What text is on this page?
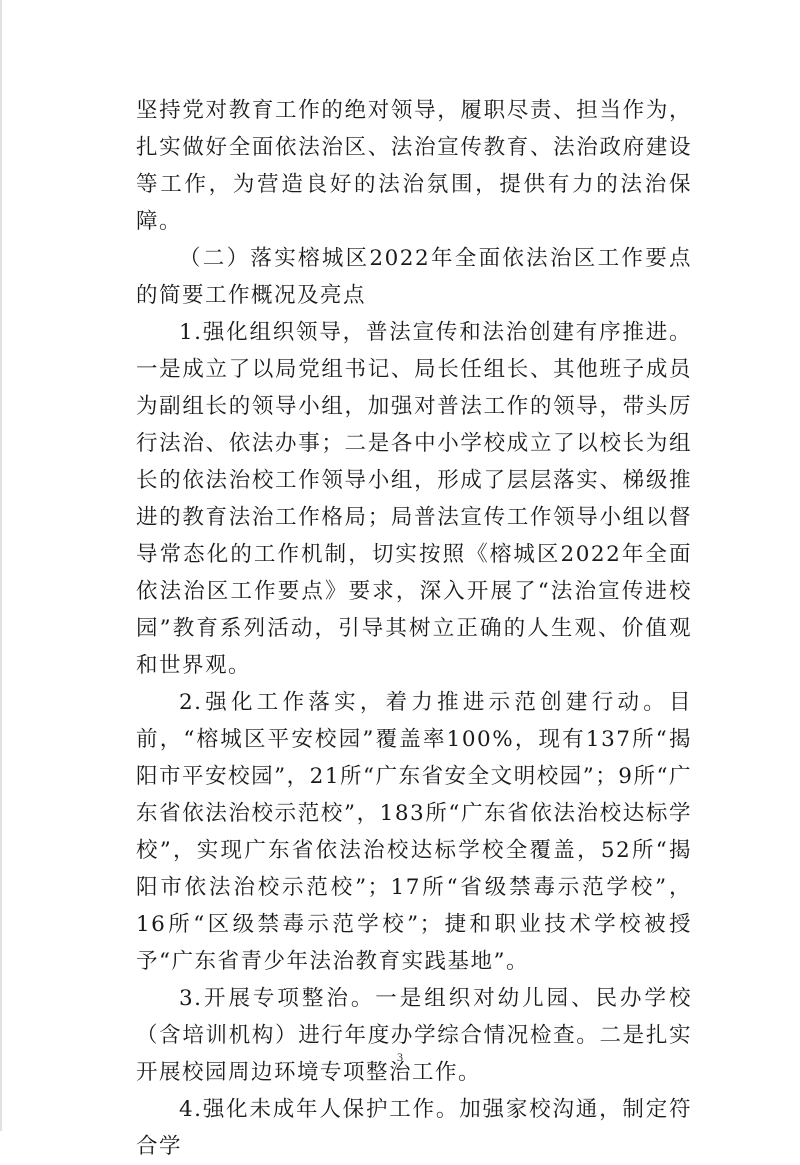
坚持党对教育工作的绝对领导，履职尽责、担当作为，扎实做好全面依法治区、法治宣传教育、法治政府建设等工作，为营造良好的法治氛围，提供有力的法治保障。

（二）落实榕城区2022年全面依法治区工作要点的简要工作概况及亮点

1.强化组织领导，普法宣传和法治创建有序推进。一是成立了以局党组书记、局长任组长、其他班子成员为副组长的领导小组，加强对普法工作的领导，带头厉行法治、依法办事；二是各中小学校成立了以校长为组长的依法治校工作领导小组，形成了层层落实、梯级推进的教育法治工作格局；局普法宣传工作领导小组以督导常态化的工作机制，切实按照《榕城区2022年全面依法治区工作要点》要求，深入开展了“法治宣传进校园”教育系列活动，引导其树立正确的人生观、价值观和世界观。

2.强化工作落实，着力推进示范创建行动。目前，“榕城区平安校园”覆盖率100%，现有137所“揭阳市平安校园”，21所“广东省安全文明校园”；9所“广东省依法治校示范校”，183所“广东省依法治校达标学校”，实现广东省依法治校达标学校全覆盖，52所“揭阳市依法治校示范校”；17所“省级禁毒示范学校”，16所“区级禁毒示范学校”；捷和职业技术学校被授予“广东省青少年法治教育实践基地”。

3.开展专项整治。一是组织对幼儿园、民办学校（含培训机构）进行年度办学综合情况检查。二是扎实开展校园周边环境专项整治工作。

4.强化未成年人保护工作。加强家校沟通，制定符合学

3
